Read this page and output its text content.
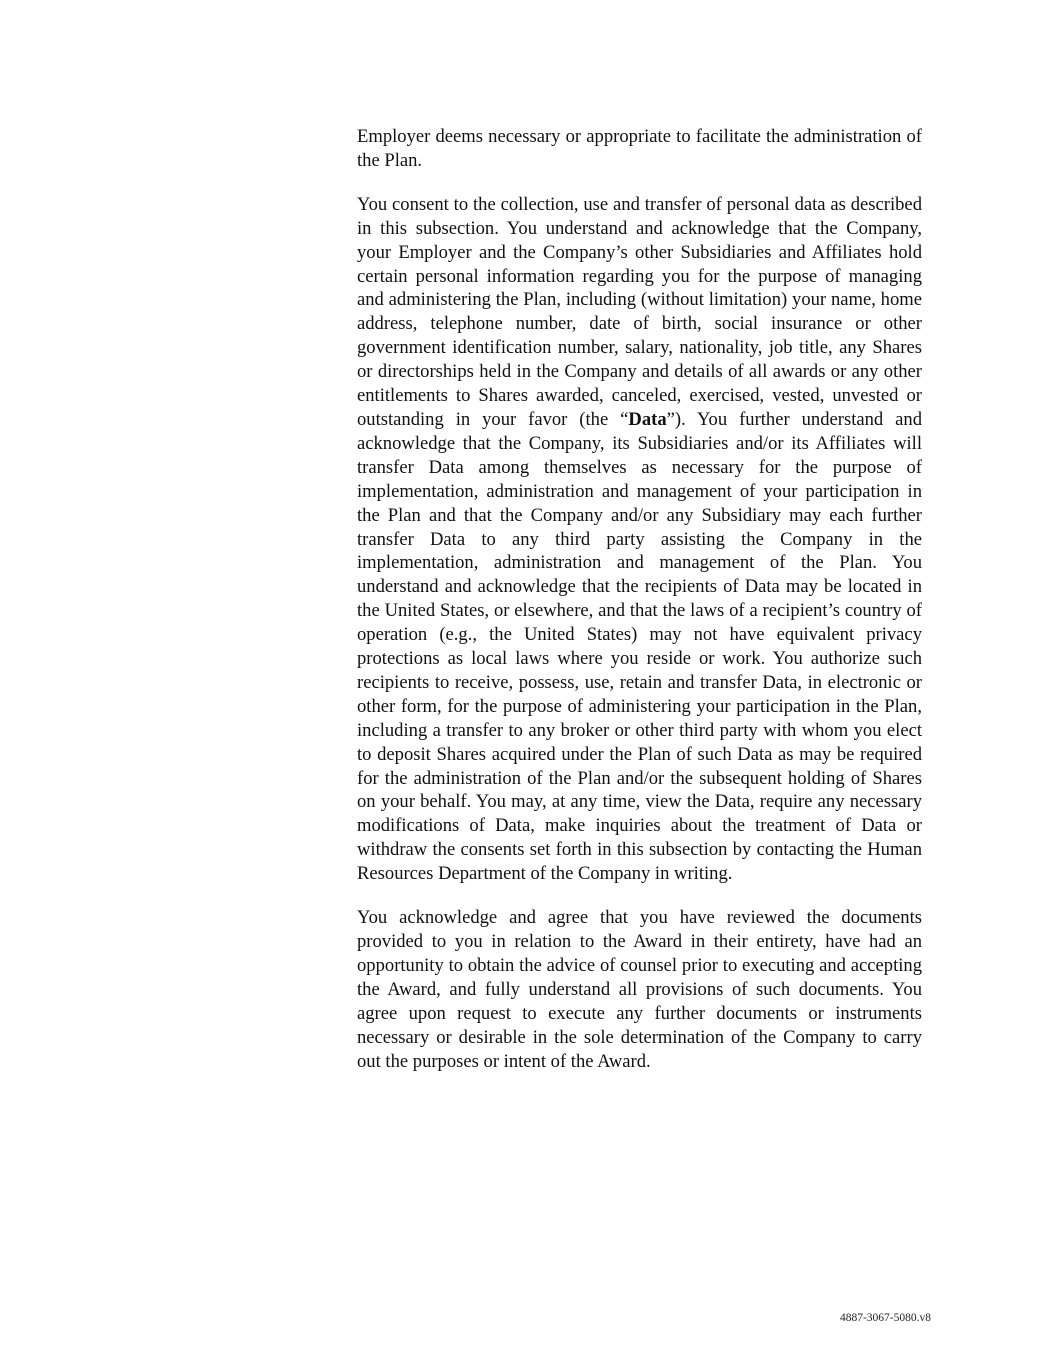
Employer deems necessary or appropriate to facilitate the administration of the Plan.

You consent to the collection, use and transfer of personal data as described in this subsection. You understand and acknowledge that the Company, your Employer and the Company’s other Subsidiaries and Affiliates hold certain personal information regarding you for the purpose of managing and administering the Plan, including (without limitation) your name, home address, telephone number, date of birth, social insurance or other government identification number, salary, nationality, job title, any Shares or directorships held in the Company and details of all awards or any other entitlements to Shares awarded, canceled, exercised, vested, unvested or outstanding in your favor (the “Data”). You further understand and acknowledge that the Company, its Subsidiaries and/or its Affiliates will transfer Data among themselves as necessary for the purpose of implementation, administration and management of your participation in the Plan and that the Company and/or any Subsidiary may each further transfer Data to any third party assisting the Company in the implementation, administration and management of the Plan. You understand and acknowledge that the recipients of Data may be located in the United States, or elsewhere, and that the laws of a recipient’s country of operation (e.g., the United States) may not have equivalent privacy protections as local laws where you reside or work. You authorize such recipients to receive, possess, use, retain and transfer Data, in electronic or other form, for the purpose of administering your participation in the Plan, including a transfer to any broker or other third party with whom you elect to deposit Shares acquired under the Plan of such Data as may be required for the administration of the Plan and/or the subsequent holding of Shares on your behalf. You may, at any time, view the Data, require any necessary modifications of Data, make inquiries about the treatment of Data or withdraw the consents set forth in this subsection by contacting the Human Resources Department of the Company in writing.

You acknowledge and agree that you have reviewed the documents provided to you in relation to the Award in their entirety, have had an opportunity to obtain the advice of counsel prior to executing and accepting the Award, and fully understand all provisions of such documents. You agree upon request to execute any further documents or instruments necessary or desirable in the sole determination of the Company to carry out the purposes or intent of the Award.

4887-3067-5080.v8
